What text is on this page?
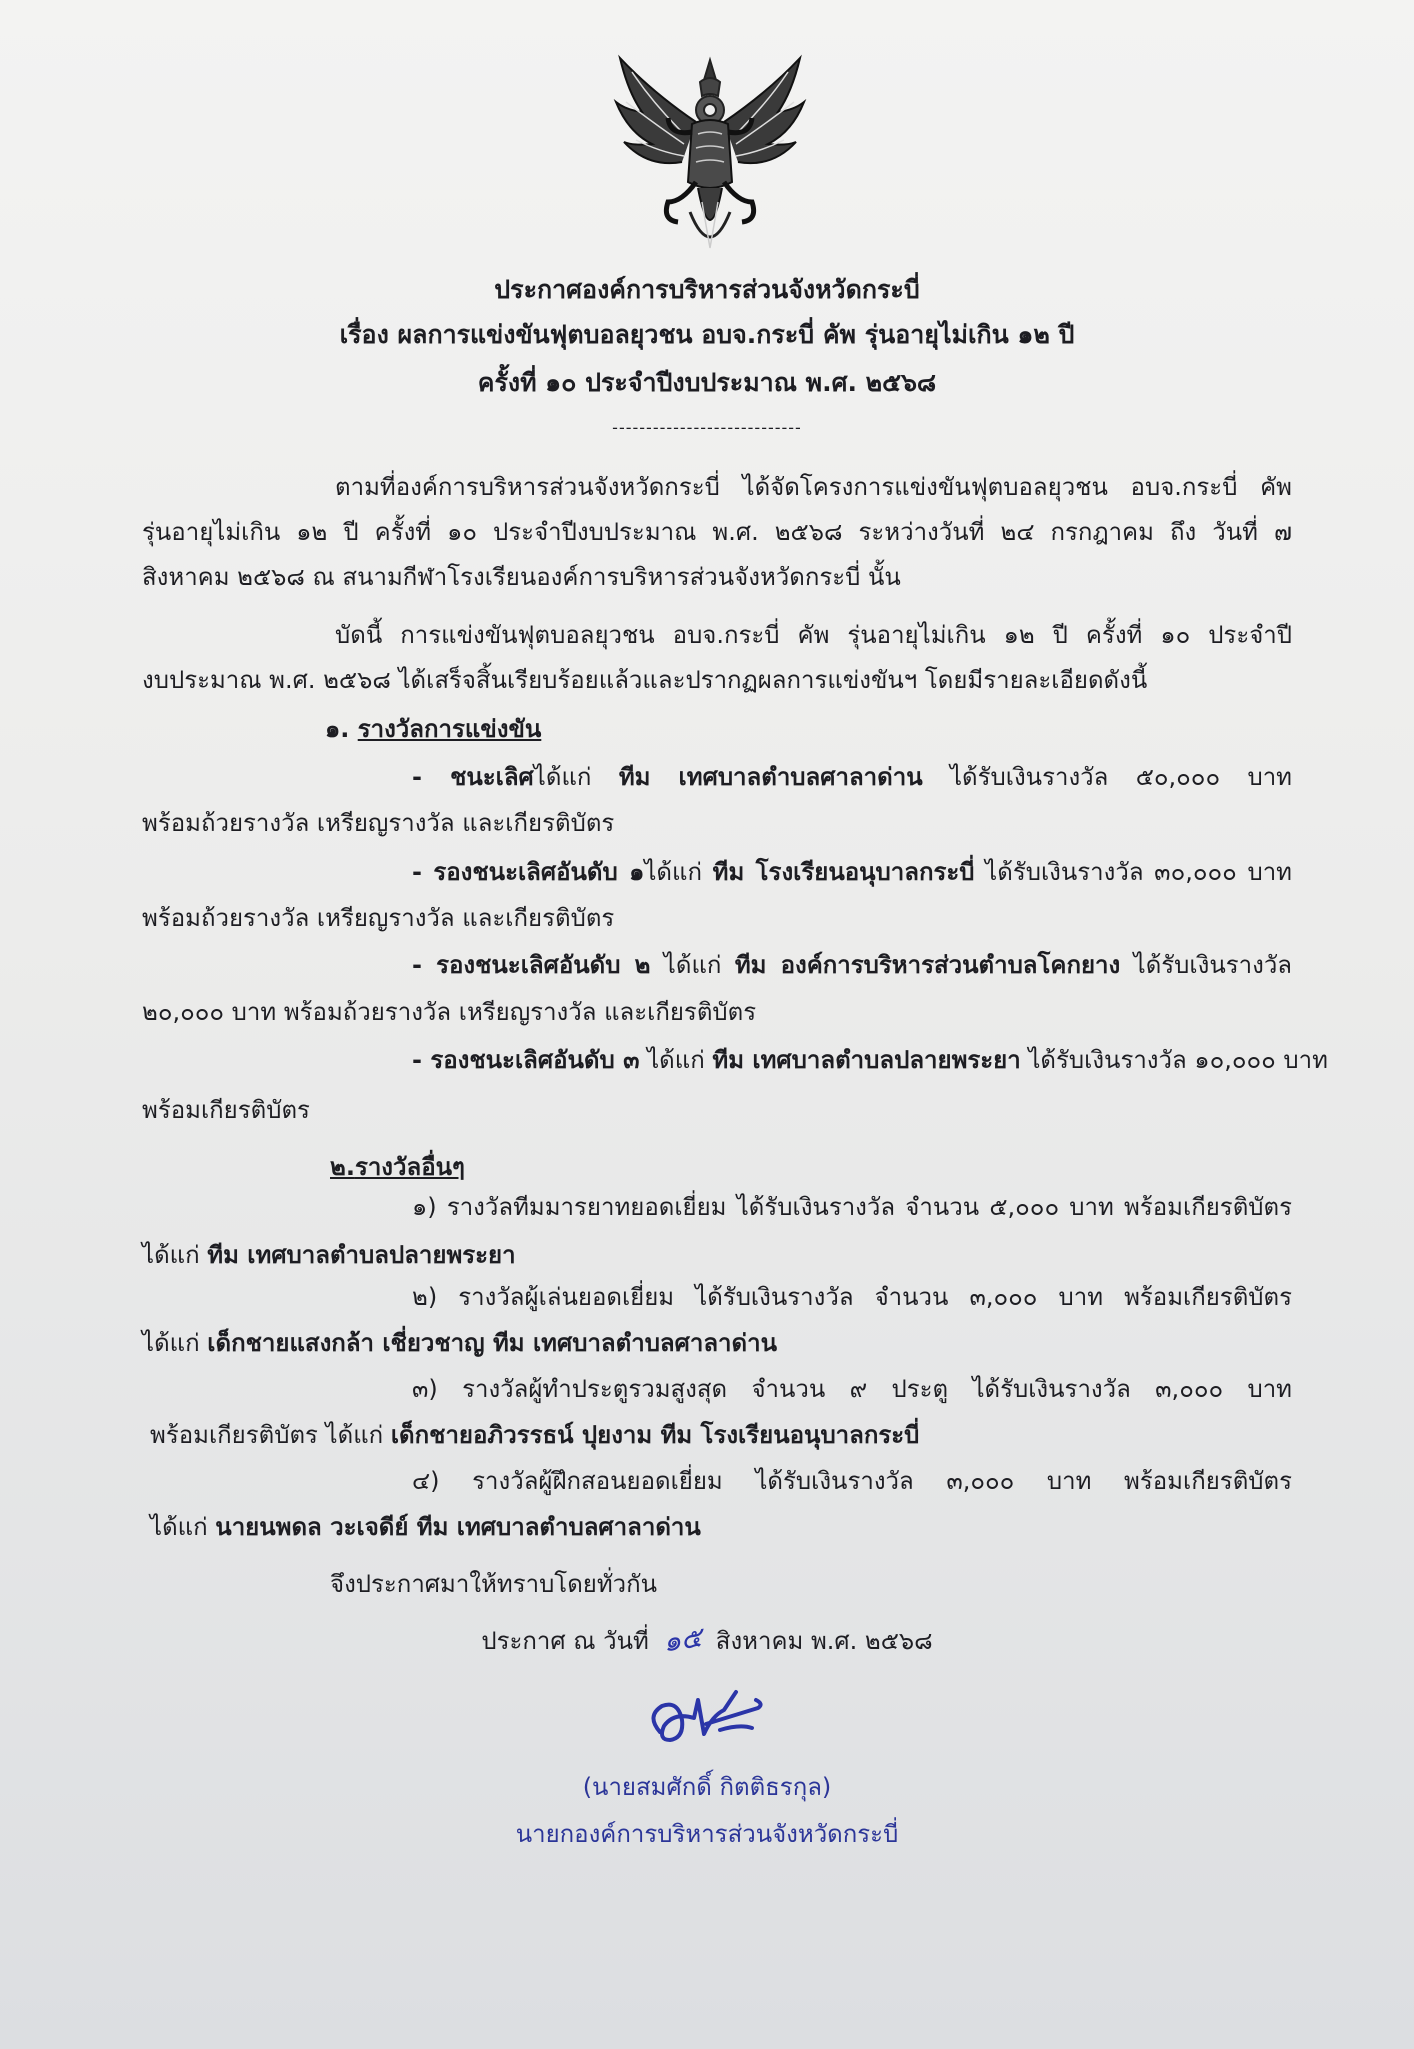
ประกาศองค์การบริหารส่วนจังหวัดกระบี่
เรื่อง ผลการแข่งขันฟุตบอลยุวชน อบจ.กระบี่ คัพ รุ่นอายุไม่เกิน ๑๒ ปี
ครั้งที่ ๑๐ ประจำปีงบประมาณ พ.ศ. ๒๕๖๘
----------------------------
ตามที่องค์การบริหารส่วนจังหวัดกระบี่ ได้จัดโครงการแข่งขันฟุตบอลยุวชน อบจ.กระบี่ คัพ
รุ่นอายุไม่เกิน ๑๒ ปี ครั้งที่ ๑๐ ประจำปีงบประมาณ พ.ศ. ๒๕๖๘ ระหว่างวันที่ ๒๔ กรกฎาคม ถึง วันที่ ๗
สิงหาคม ๒๕๖๘ ณ สนามกีฬาโรงเรียนองค์การบริหารส่วนจังหวัดกระบี่ นั้น
บัดนี้ การแข่งขันฟุตบอลยุวชน อบจ.กระบี่ คัพ รุ่นอายุไม่เกิน ๑๒ ปี ครั้งที่ ๑๐ ประจำปี
งบประมาณ พ.ศ. ๒๕๖๘ ได้เสร็จสิ้นเรียบร้อยแล้วและปรากฏผลการแข่งขันฯ โดยมีรายละเอียดดังนี้
๑. รางวัลการแข่งขัน
- ชนะเลิศได้แก่ ทีม เทศบาลตำบลศาลาด่าน ได้รับเงินรางวัล ๕๐,๐๐๐ บาท
พร้อมถ้วยรางวัล เหรียญรางวัล และเกียรติบัตร
- รองชนะเลิศอันดับ ๑ได้แก่ ทีม โรงเรียนอนุบาลกระบี่ ได้รับเงินรางวัล ๓๐,๐๐๐ บาท
พร้อมถ้วยรางวัล เหรียญรางวัล และเกียรติบัตร
- รองชนะเลิศอันดับ ๒ ได้แก่ ทีม องค์การบริหารส่วนตำบลโคกยาง ได้รับเงินรางวัล
๒๐,๐๐๐ บาท พร้อมถ้วยรางวัล เหรียญรางวัล และเกียรติบัตร
- รองชนะเลิศอันดับ ๓ ได้แก่ ทีม เทศบาลตำบลปลายพระยา ได้รับเงินรางวัล ๑๐,๐๐๐ บาท
พร้อมเกียรติบัตร
๒.รางวัลอื่นๆ
๑) รางวัลทีมมารยาทยอดเยี่ยม ได้รับเงินรางวัล จำนวน ๕,๐๐๐ บาท พร้อมเกียรติบัตร
ได้แก่ ทีม เทศบาลตำบลปลายพระยา
๒) รางวัลผู้เล่นยอดเยี่ยม ได้รับเงินรางวัล จำนวน ๓,๐๐๐ บาท พร้อมเกียรติบัตร
ได้แก่ เด็กชายแสงกล้า เชี่ยวชาญ ทีม เทศบาลตำบลศาลาด่าน
๓) รางวัลผู้ทำประตูรวมสูงสุด จำนวน ๙ ประตู ได้รับเงินรางวัล ๓,๐๐๐ บาท
พร้อมเกียรติบัตร ได้แก่ เด็กชายอภิวรรธน์ ปุยงาม ทีม โรงเรียนอนุบาลกระบี่
๔) รางวัลผู้ฝึกสอนยอดเยี่ยม ได้รับเงินรางวัล ๓,๐๐๐ บาท พร้อมเกียรติบัตร
ได้แก่ นายนพดล วะเจดีย์ ทีม เทศบาลตำบลศาลาด่าน
จึงประกาศมาให้ทราบโดยทั่วกัน
ประกาศ ณ วันที่ ๑๕ สิงหาคม พ.ศ. ๒๕๖๘
(นายสมศักดิ์ กิตติธรกุล)
นายกองค์การบริหารส่วนจังหวัดกระบี่
